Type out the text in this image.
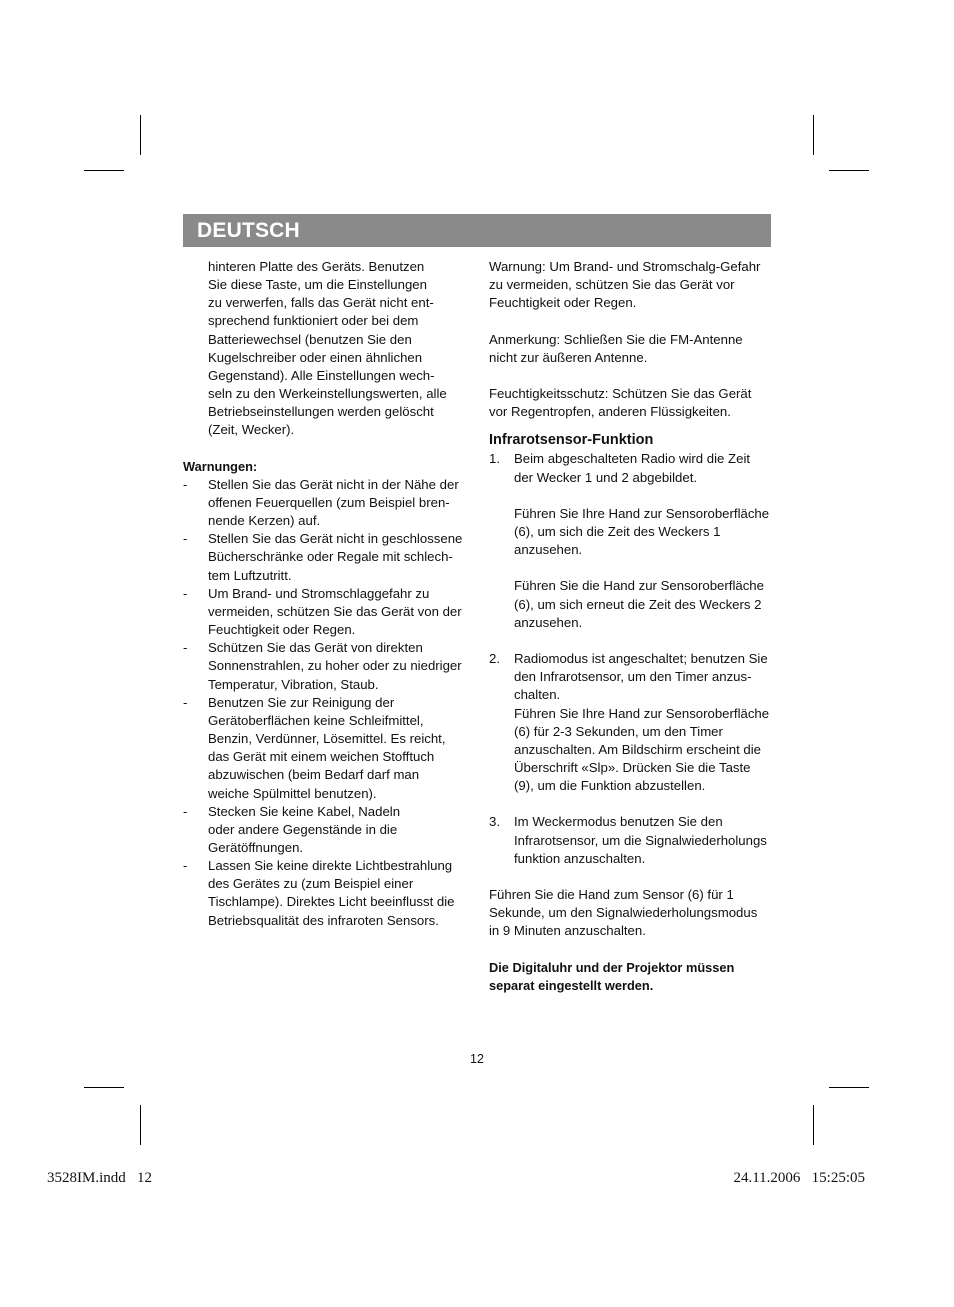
DEUTSCH

hinteren Platte des Geräts. Benutzen

Sie diese Taste, um die Einstellungen

zu verwerfen, falls das Gerät nicht ent-

sprechend funktioniert oder bei dem

Batteriewechsel (benutzen Sie den

Kugelschreiber oder einen ähnlichen

Gegenstand). Alle Einstellungen wech-

seln zu den Werkeinstellungswerten, alle

Betriebseinstellungen werden gelöscht

(Zeit, Wecker).

Warnungen:

- Stellen Sie das Gerät nicht in der Nähe der

offenen Feuerquellen (zum Beispiel bren-

nende Kerzen) auf.

- Stellen Sie das Gerät nicht in geschlossene

Bücherschränke oder Regale mit schlech-

tem Luftzutritt.

- Um Brand- und Stromschlaggefahr zu

vermeiden, schützen Sie das Gerät von der

Feuchtigkeit oder Regen.

- Schützen Sie das Gerät von direkten

Sonnenstrahlen, zu hoher oder zu niedriger

Temperatur, Vibration, Staub.

- Benutzen Sie zur Reinigung der

Gerätoberflächen keine Schleifmittel,

Benzin, Verdünner, Lösemittel. Es reicht,

das Gerät mit einem weichen Stofftuch

abzuwischen (beim Bedarf darf man

weiche Spülmittel benutzen).

- Stecken Sie keine Kabel, Nadeln

oder andere Gegenstände in die

Gerätöffnungen.

- Lassen Sie keine direkte Lichtbestrahlung

des Gerätes zu (zum Beispiel einer

Tischlampe). Direktes Licht beeinflusst die

Betriebsqualität des infraroten Sensors.

Warnung: Um Brand- und Stromschalg-Gefahr

zu vermeiden, schützen Sie das Gerät vor

Feuchtigkeit oder Regen.

Anmerkung: Schließen Sie die FM-Antenne

nicht zur äußeren Antenne.

Feuchtigkeitsschutz: Schützen Sie das Gerät

vor Regentropfen, anderen Flüssigkeiten.

Infrarotsensor-Funktion

1. Beim abgeschalteten Radio wird die Zeit

der Wecker 1 und 2 abgebildet.

Führen Sie Ihre Hand zur Sensoroberfläche

(6), um sich die Zeit des Weckers 1

anzusehen.

Führen Sie die Hand zur Sensoroberfläche

(6), um sich erneut die Zeit des Weckers 2

anzusehen.

2. Radiomodus ist angeschaltet; benutzen Sie

den Infrarotsensor, um den Timer anzus-

chalten.

Führen Sie Ihre Hand zur Sensoroberfläche

(6) für 2-3 Sekunden, um den Timer

anzuschalten. Am Bildschirm erscheint die

Überschrift «Slp». Drücken Sie die Taste

(9), um die Funktion abzustellen.

3. Im Weckermodus benutzen Sie den

Infrarotsensor, um die Signalwiederholungs

funktion anzuschalten.

Führen Sie die Hand zum Sensor (6) für 1

Sekunde, um den Signalwiederholungsmodus

in 9 Minuten anzuschalten.

Die Digitaluhr und der Projektor müssen

separat eingestellt werden.

12
3528IM.indd   12	24.11.2006   15:25:05
